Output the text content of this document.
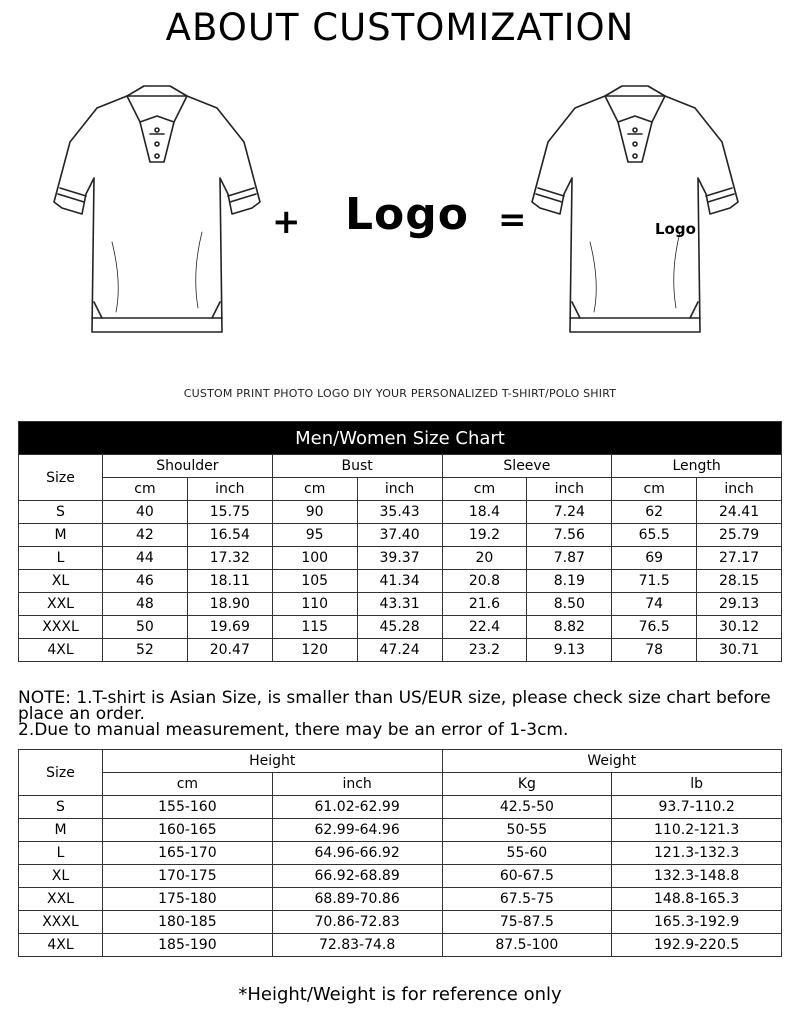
ABOUT CUSTOMIZATION
+ Logo =	Logo
CUSTOM PRINT PHOTO LOGO DIY YOUR PERSONALIZED T-SHIRT/POLO SHIRT
Men/Women Size Chart								
Size	Shoulder		Bust		Sleeve		Length	
	cm	inch	cm	inch	cm	inch	cm	inch
S	40	15.75	90	35.43	18.4	7.24	62	24.41
M	42	16.54	95	37.40	19.2	7.56	65.5	25.79
L	44	17.32	100	39.37	20	7.87	69	27.17
XL	46	18.11	105	41.34	20.8	8.19	71.5	28.15
XXL	48	18.90	110	43.31	21.6	8.50	74	29.13
XXXL	50	19.69	115	45.28	22.4	8.82	76.5	30.12
4XL	52	20.47	120	47.24	23.2	9.13	78	30.71
NOTE: 1.T-shirt is Asian Size, is smaller than US/EUR size, please check size chart before place an order.
2.Due to manual measurement, there may be an error of 1-3cm.
Size	Height		Weight	
	cm	inch	Kg	lb
S	155-160	61.02-62.99	42.5-50	93.7-110.2
M	160-165	62.99-64.96	50-55	110.2-121.3
L	165-170	64.96-66.92	55-60	121.3-132.3
XL	170-175	66.92-68.89	60-67.5	132.3-148.8
XXL	175-180	68.89-70.86	67.5-75	148.8-165.3
XXXL	180-185	70.86-72.83	75-87.5	165.3-192.9
4XL	185-190	72.83-74.8	87.5-100	192.9-220.5
*Height/Weight is for reference only
